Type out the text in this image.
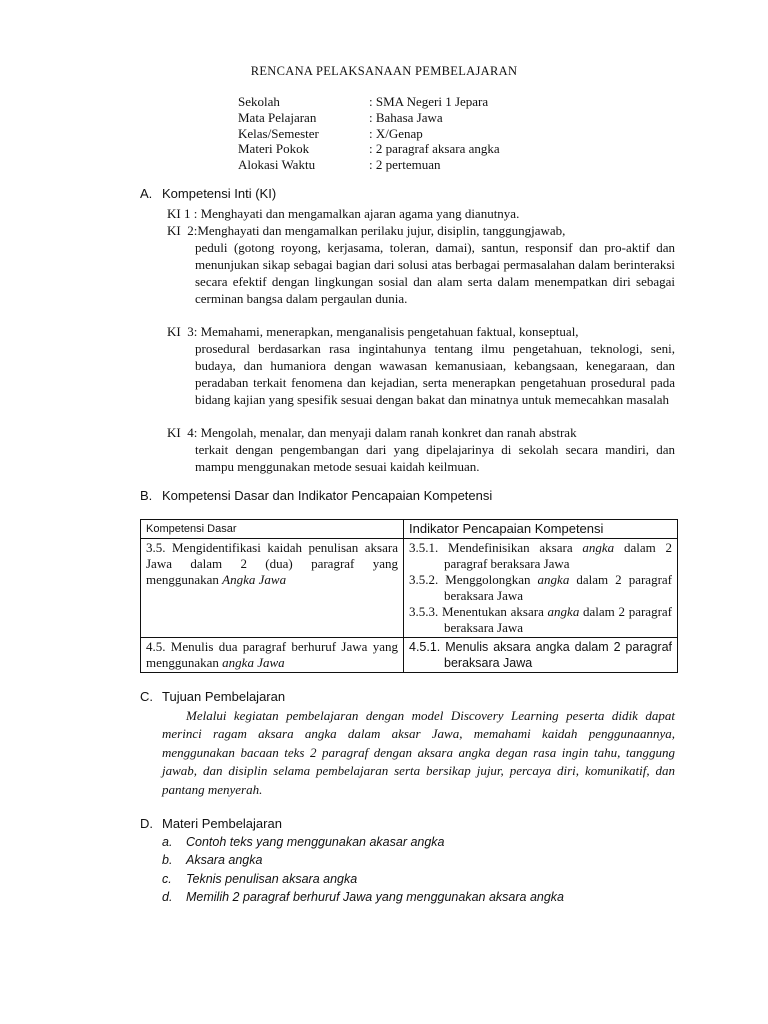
RENCANA PELAKSANAAN PEMBELAJARAN
Sekolah	: SMA Negeri 1 Jepara
Mata Pelajaran	: Bahasa Jawa
Kelas/Semester	: X/Genap
Materi Pokok	: 2 paragraf aksara angka
Alokasi Waktu	: 2 pertemuan
A. Kompetensi Inti (KI)
KI 1 : Menghayati dan mengamalkan ajaran agama yang dianutnya.
KI  2:Menghayati dan mengamalkan perilaku jujur, disiplin, tanggungjawab,
peduli (gotong royong, kerjasama, toleran, damai), santun, responsif dan pro-aktif dan menunjukan sikap sebagai bagian dari solusi atas berbagai permasalahan dalam berinteraksi secara efektif dengan lingkungan sosial dan alam serta dalam menempatkan diri sebagai cerminan bangsa dalam pergaulan dunia.
KI  3: Memahami, menerapkan, menganalisis pengetahuan faktual, konseptual,
prosedural berdasarkan rasa ingintahunya tentang ilmu pengetahuan, teknologi, seni, budaya, dan humaniora dengan wawasan kemanusiaan, kebangsaan, kenegaraan, dan peradaban terkait fenomena dan kejadian, serta menerapkan pengetahuan prosedural pada bidang kajian yang spesifik sesuai dengan bakat dan minatnya untuk memecahkan masalah
KI  4: Mengolah, menalar, dan menyaji dalam ranah konkret dan ranah abstrak
terkait dengan pengembangan dari yang dipelajarinya di sekolah secara mandiri, dan mampu menggunakan metode sesuai kaidah keilmuan.
B. Kompetensi Dasar dan Indikator Pencapaian Kompetensi
Kompetensi Dasar	Indikator Pencapaian Kompetensi
3.5. Mengidentifikasi kaidah penulisan aksara Jawa dalam 2 (dua) paragraf yang menggunakan Angka Jawa	3.5.1. Mendefinisikan aksara angka dalam 2 paragraf beraksara Jawa
3.5.2. Menggolongkan angka dalam 2 paragraf beraksara Jawa
3.5.3. Menentukan aksara angka dalam 2 paragraf beraksara Jawa

4.5. Menulis dua paragraf berhuruf Jawa yang menggunakan angka Jawa	4.5.1. Menulis aksara angka dalam 2 paragraf beraksara Jawa
C. Tujuan Pembelajaran
Melalui kegiatan pembelajaran dengan model Discovery Learning peserta didik dapat merinci ragam aksara angka dalam aksar Jawa, memahami kaidah penggunaannya, menggunakan bacaan teks 2 paragraf dengan aksara angka degan rasa ingin tahu, tanggung jawab, dan disiplin selama pembelajaran serta bersikap jujur, percaya diri, komunikatif, dan pantang menyerah.
D. Materi Pembelajaran
a.	Contoh teks yang menggunakan akasar angka
b.	Aksara angka
c.	Teknis penulisan aksara angka
d.	Memilih 2 paragraf berhuruf Jawa yang menggunakan aksara angka
